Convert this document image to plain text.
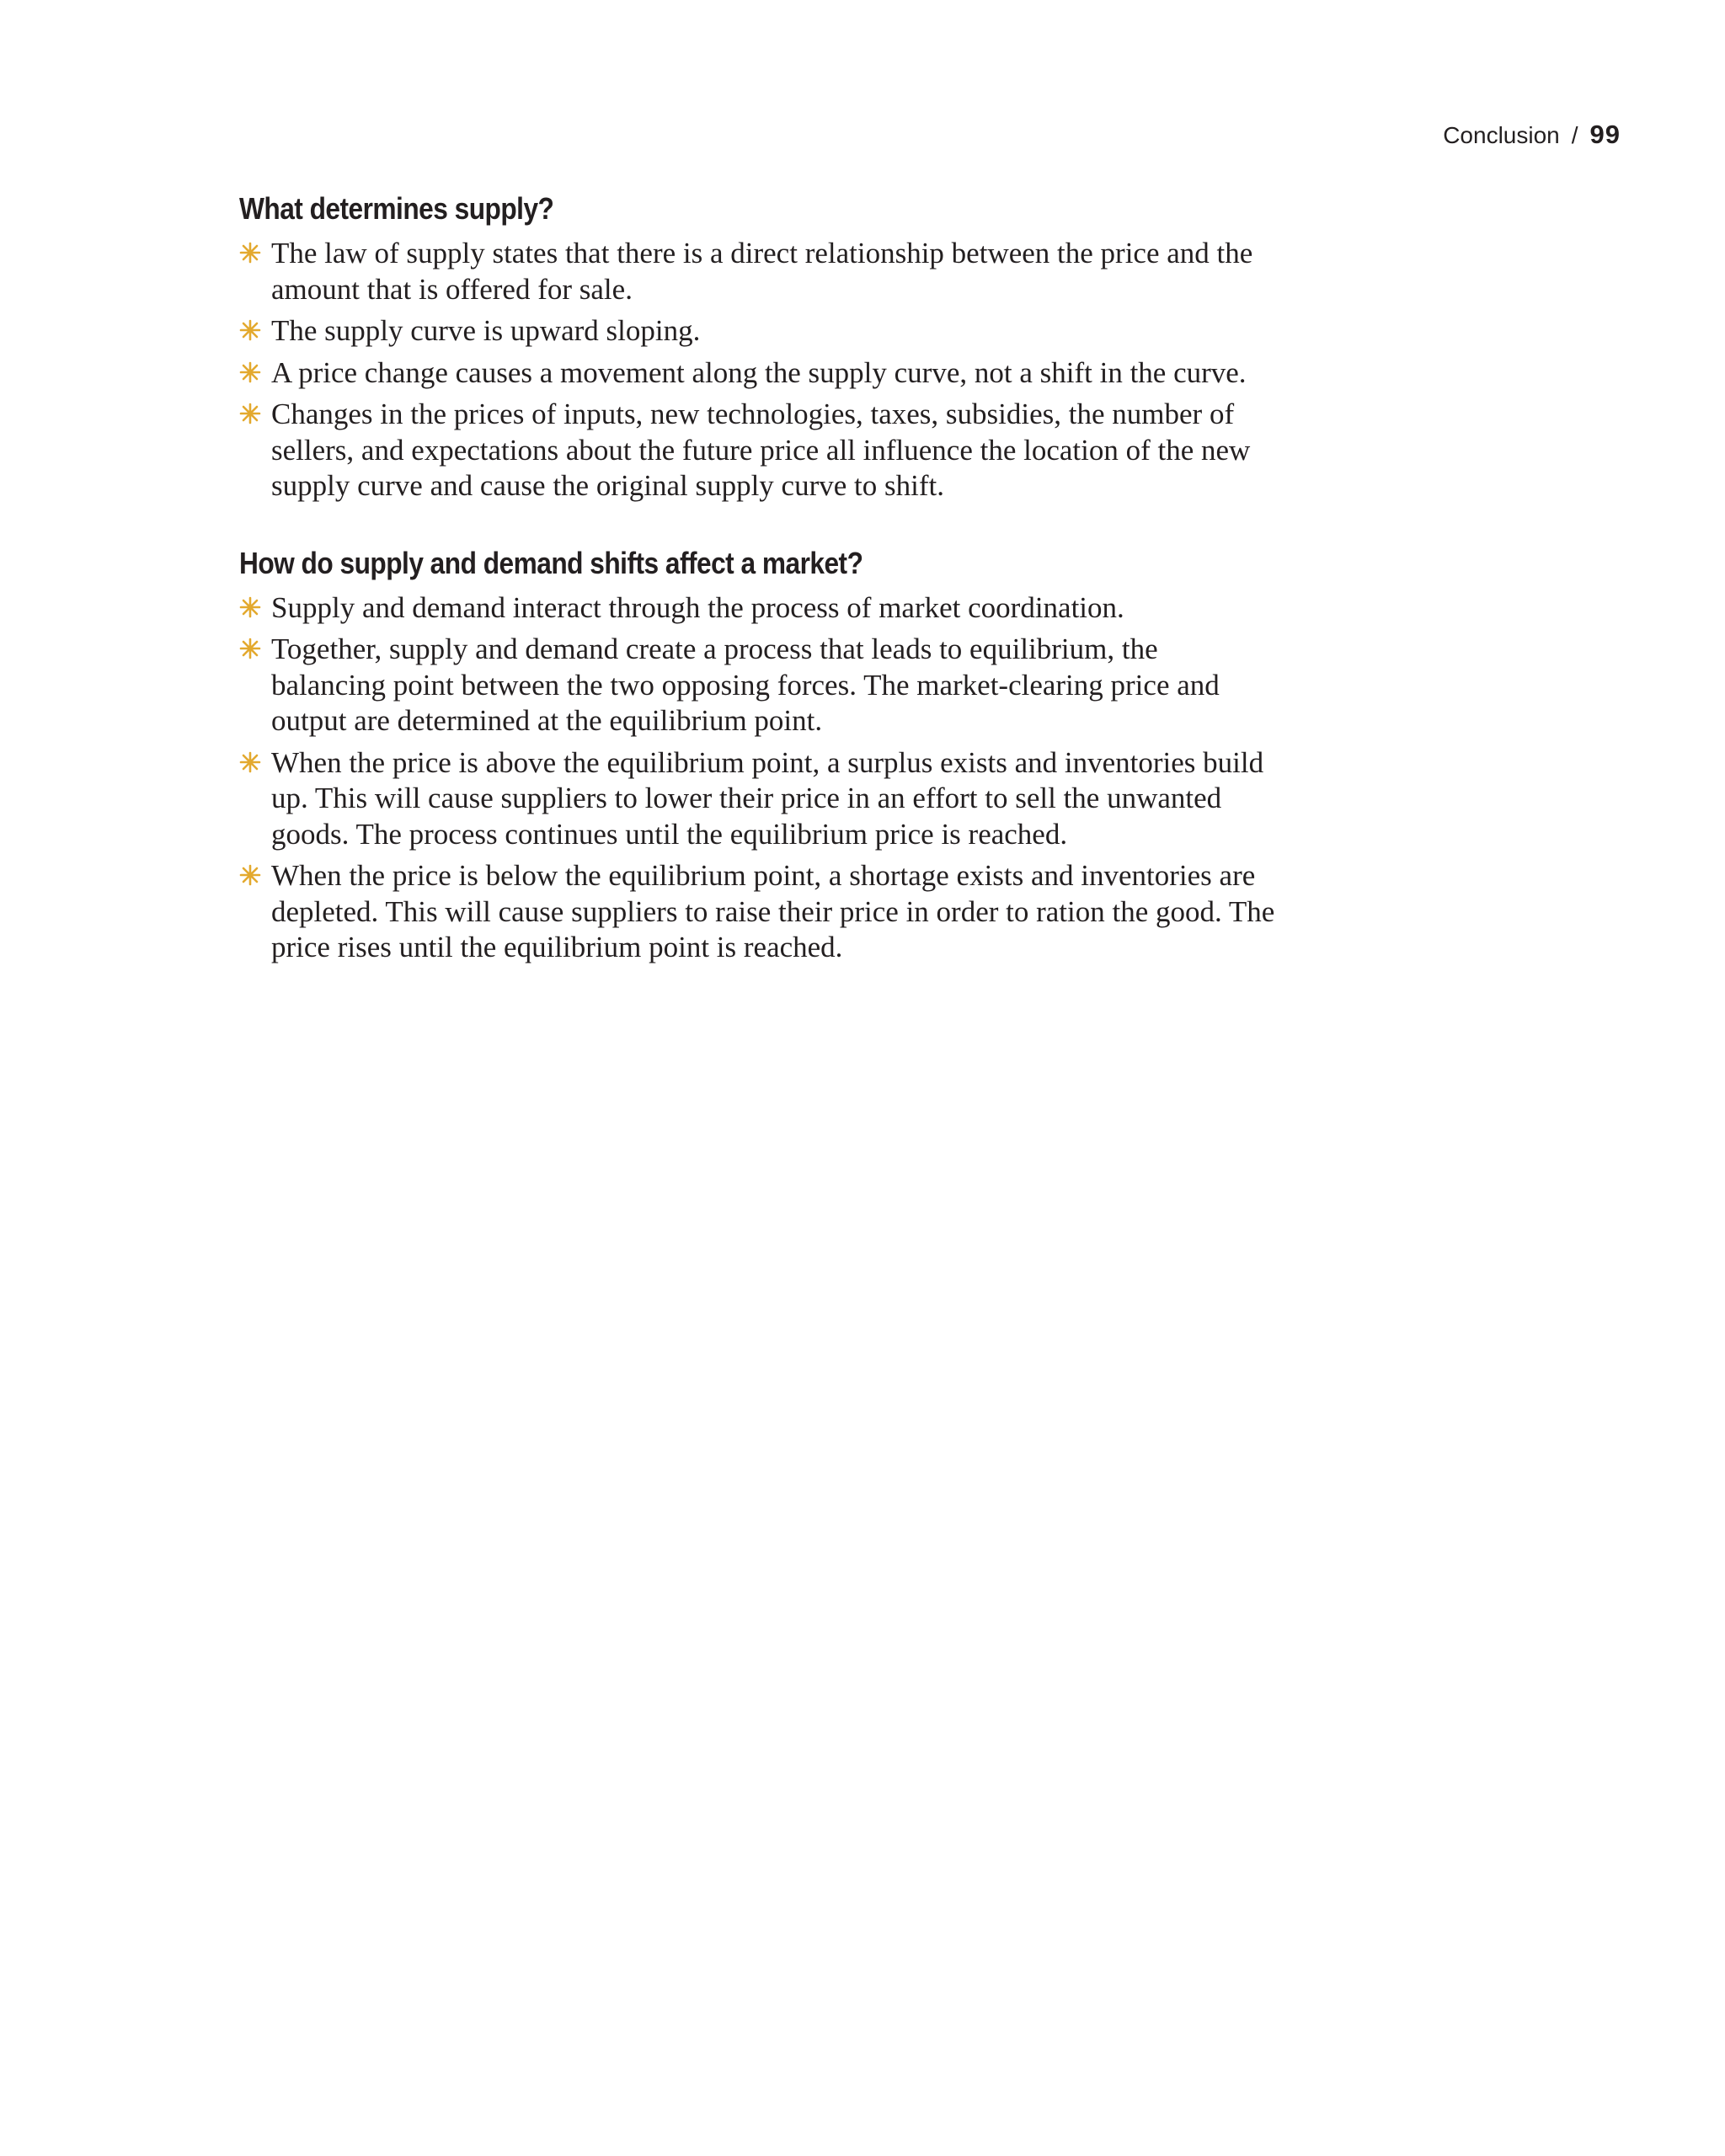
Conclusion / 99
What determines supply?
The law of supply states that there is a direct relationship between the price and the amount that is offered for sale.
The supply curve is upward sloping.
A price change causes a movement along the supply curve, not a shift in the curve.
Changes in the prices of inputs, new technologies, taxes, subsidies, the number of sellers, and expectations about the future price all influence the location of the new supply curve and cause the original supply curve to shift.
How do supply and demand shifts affect a market?
Supply and demand interact through the process of market coordination.
Together, supply and demand create a process that leads to equilibrium, the balancing point between the two opposing forces. The market-clearing price and output are determined at the equilibrium point.
When the price is above the equilibrium point, a surplus exists and inventories build up. This will cause suppliers to lower their price in an effort to sell the unwanted goods. The process continues until the equilibrium price is reached.
When the price is below the equilibrium point, a shortage exists and inventories are depleted. This will cause suppliers to raise their price in order to ration the good. The price rises until the equilibrium point is reached.
